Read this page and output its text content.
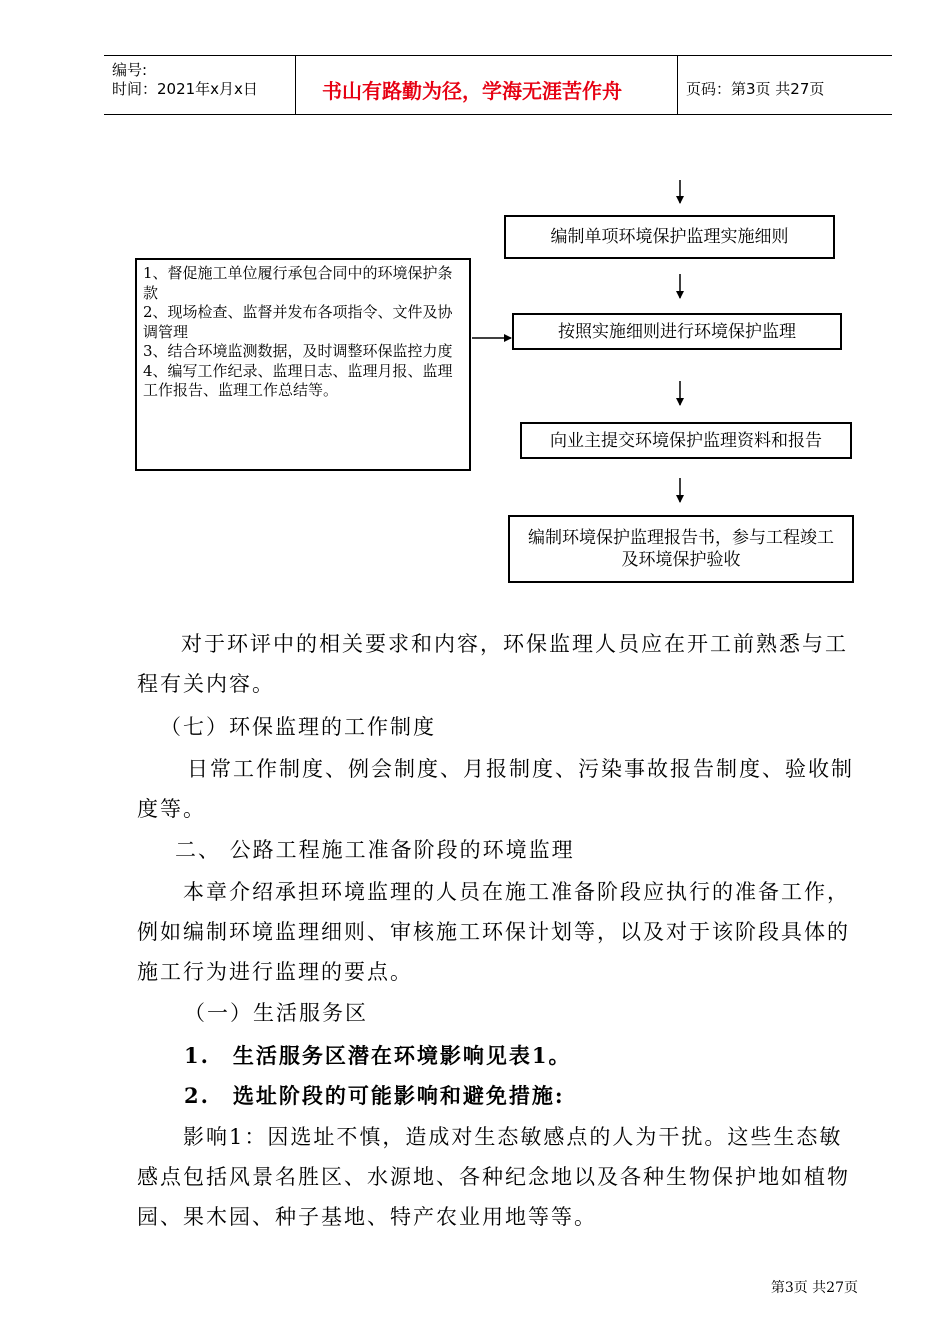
编号:
时间：2021年x月x日	书山有路勤为径，学海无涯苦作舟	页码：第3页 共27页
编制单项环境保护监理实施细则
按照实施细则进行环境保护监理
向业主提交环境保护监理资料和报告
编制环境保护监理报告书，参与工程竣工及环境保护验收
1、督促施工单位履行承包合同中的环境保护条款
2、现场检查、监督并发布各项指令、文件及协调管理
3、结合环境监测数据，及时调整环保监控力度
4、编写工作纪录、监理日志、监理月报、监理工作报告、监理工作总结等。

对于环评中的相关要求和内容，环保监理人员应在开工前熟悉与工程有关内容。

（七）环保监理的工作制度

日常工作制度、例会制度、月报制度、污染事故报告制度、验收制度等。

二、 公路工程施工准备阶段的环境监理

本章介绍承担环境监理的人员在施工准备阶段应执行的准备工作，例如编制环境监理细则、审核施工环保计划等，以及对于该阶段具体的施工行为进行监理的要点。

（一）生活服务区

1.　生活服务区潜在环境影响见表1。

2.　选址阶段的可能影响和避免措施:

影响1：因选址不慎，造成对生态敏感点的人为干扰。这些生态敏感点包括风景名胜区、水源地、各种纪念地以及各种生物保护地如植物园、果木园、种子基地、特产农业用地等等。

第3页 共27页
